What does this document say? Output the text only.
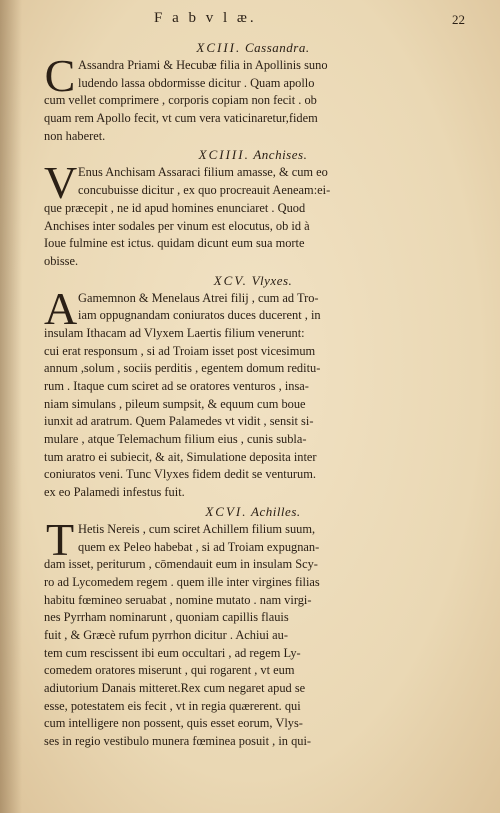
F a b v l æ.	22
XCIII. Cassandra.
C Assandra Priami & Hecubæ filia in Apollinis suno
ludendo lassa obdormisse dicitur . Quam apollo
cum vellet comprimere , corporis copiam non fecit . ob
quam rem Apollo fecit, vt cum vera vaticinaretur,fidem
non haberet.
XCIIII. Anchises.
V Enus Anchisam Assaraci filium amasse, & cum eo
concubuisse dicitur , ex quo procreauit Aeneam:ei-
que præcepit , ne id apud homines enunciaret . Quod
Anchises inter sodales per vinum est elocutus, ob id à
Ioue fulmine est ictus. quidam dicunt eum sua morte
obisse.
XCV. Vlyxes.
A Gamemnon & Menelaus Atrei filij , cum ad Tro-
iam oppugnandam coniuratos duces ducerent , in
insulam Ithacam ad Vlyxem Laertis filium venerunt:
cui erat responsum , si ad Troiam isset post vicesimum
annum ,solum , sociis perditis , egentem domum reditu-
rum . Itaque cum sciret ad se oratores venturos , insa-
niam simulans , pileum sumpsit, & equum cum boue
iunxit ad aratrum. Quem Palamedes vt vidit , sensit si-
mulare , atque Telemachum filium eius , cunis subla-
tum aratro ei subiecit, & ait, Simulatione deposita inter
coniuratos veni. Tunc Vlyxes fidem dedit se venturum.
ex eo Palamedi infestus fuit.
XCVI. Achilles.
T Hetis Nereis , cum sciret Achillem filium suum,
quem ex Peleo habebat , si ad Troiam expugnan-
dam isset, periturum , cōmendauit eum in insulam Scy-
ro ad Lycomedem regem . quem ille inter virgines filias
habitu fœmineo seruabat , nomine mutato . nam virgi-
nes Pyrrham nominarunt , quoniam capillis flauis
fuit , & Græcè rufum pyrrhon dicitur . Achiui au-
tem cum rescissent ibi eum occultari , ad regem Ly-
comedem oratores miserunt , qui rogarent , vt eum
adiutorium Danais mitteret.Rex cum negaret apud se
esse, potestatem eis fecit , vt in regia quærerent. qui
cum intelligere non possent, quis esset eorum, Vlys-
ses in regio vestibulo munera fœminea posuit , in qui-
